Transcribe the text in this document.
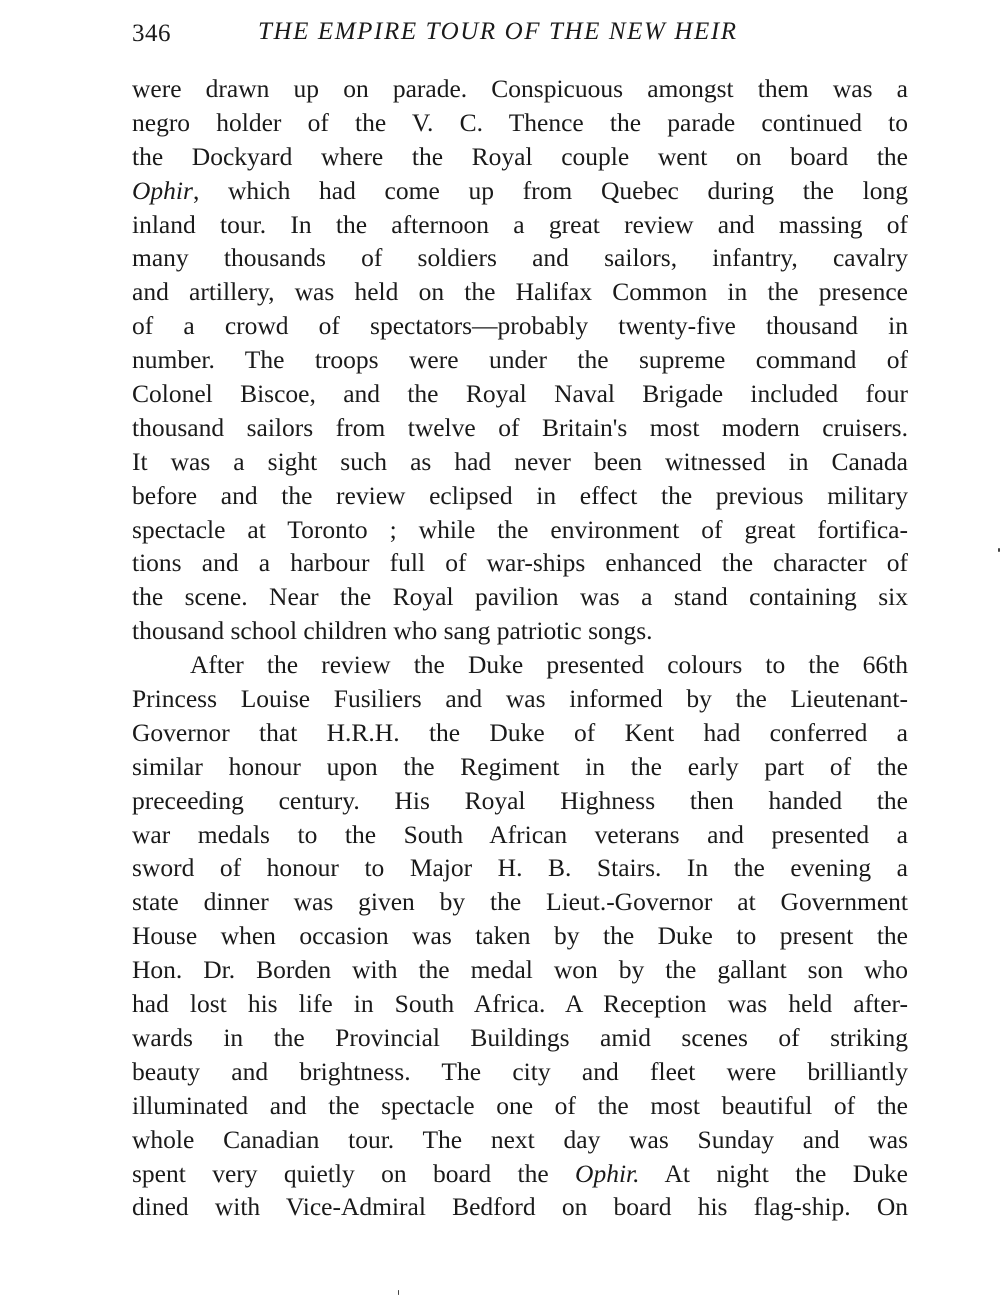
346	THE EMPIRE TOUR OF THE NEW HEIR
were drawn up on parade. Conspicuous amongst them was a
negro holder of the V. C. Thence the parade continued to
the Dockyard where the Royal couple went on board the
Ophir, which had come up from Quebec during the long
inland tour. In the afternoon a great review and massing of
many thousands of soldiers and sailors, infantry, cavalry
and artillery, was held on the Halifax Common in the presence
of a crowd of spectators—probably twenty-five thousand in
number. The troops were under the supreme command of
Colonel Biscoe, and the Royal Naval Brigade included four
thousand sailors from twelve of Britain's most modern cruisers.
It was a sight such as had never been witnessed in Canada
before and the review eclipsed in effect the previous military
spectacle at Toronto ; while the environment of great fortifica-
tions and a harbour full of war-ships enhanced the character of
the scene. Near the Royal pavilion was a stand containing six
thousand school children who sang patriotic songs.
After the review the Duke presented colours to the 66th
Princess Louise Fusiliers and was informed by the Lieutenant-
Governor that H.R.H. the Duke of Kent had conferred a
similar honour upon the Regiment in the early part of the
preceeding century. His Royal Highness then handed the
war medals to the South African veterans and presented a
sword of honour to Major H. B. Stairs. In the evening a
state dinner was given by the Lieut.-Governor at Government
House when occasion was taken by the Duke to present the
Hon. Dr. Borden with the medal won by the gallant son who
had lost his life in South Africa. A Reception was held after-
wards in the Provincial Buildings amid scenes of striking
beauty and brightness. The city and fleet were brilliantly
illuminated and the spectacle one of the most beautiful of the
whole Canadian tour. The next day was Sunday and was
spent very quietly on board the Ophir. At night the Duke
dined with Vice-Admiral Bedford on board his flag-ship. On
